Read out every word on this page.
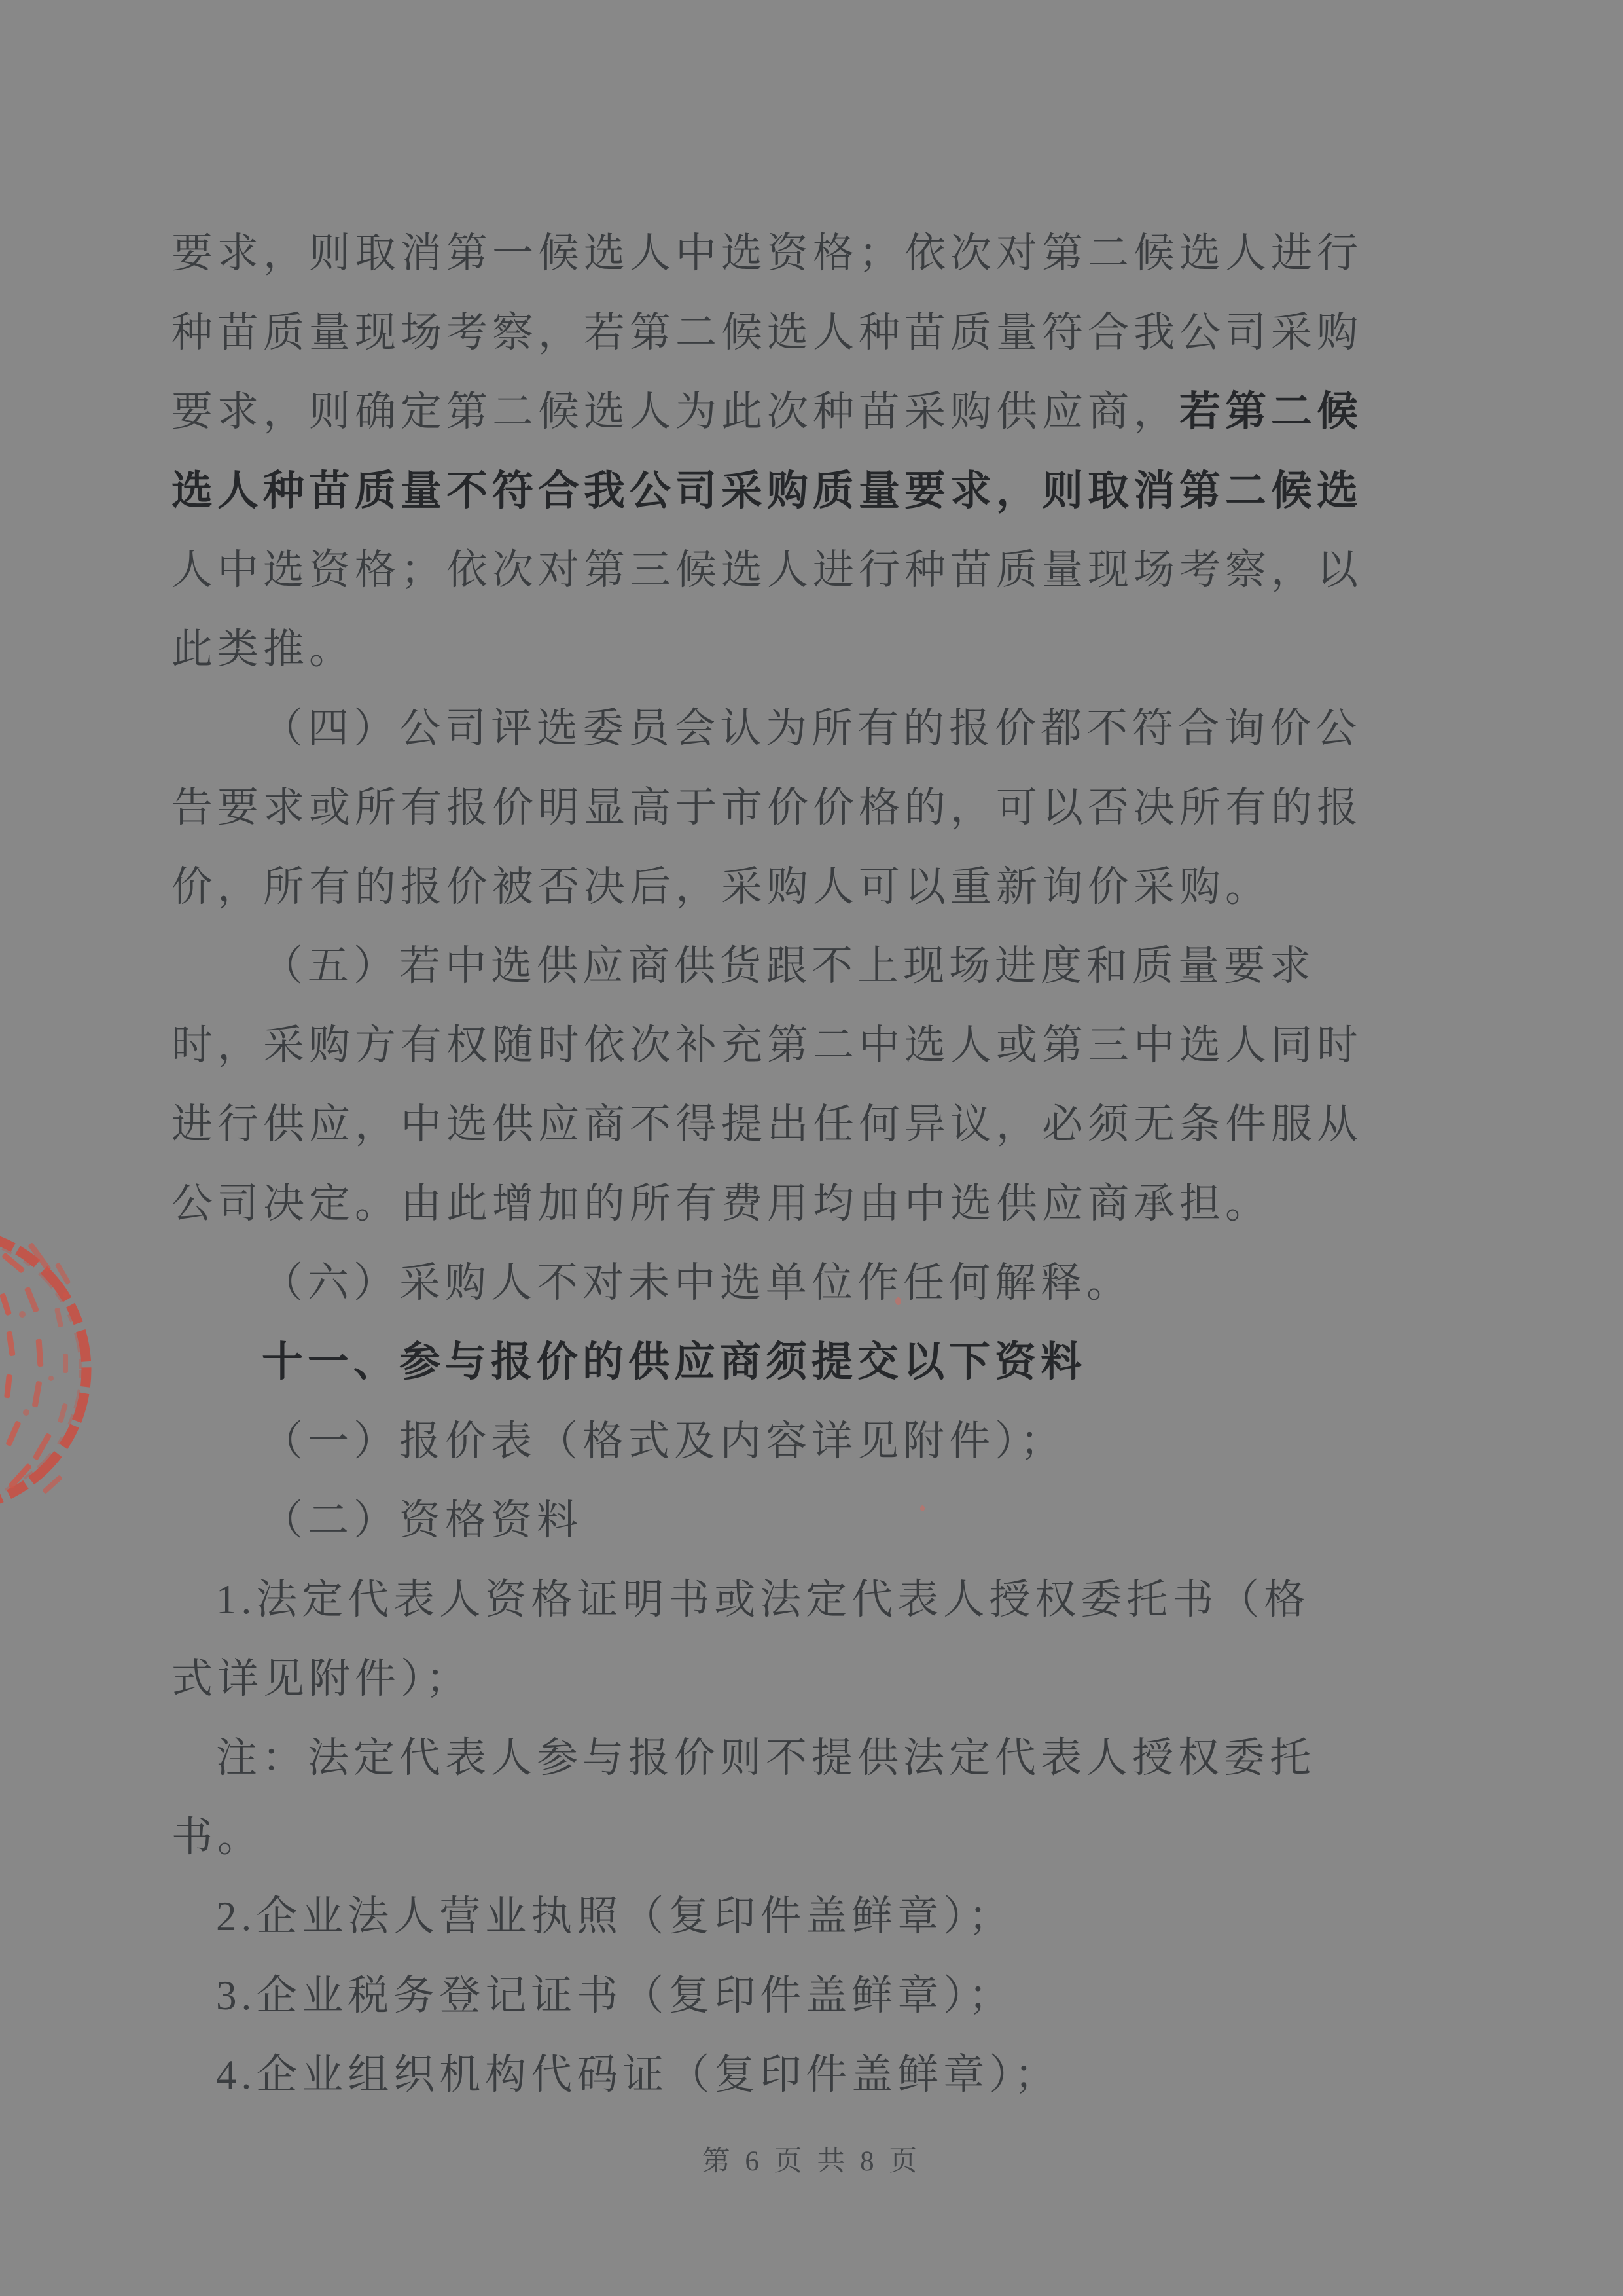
要求，则取消第一候选人中选资格；依次对第二候选人进行
种苗质量现场考察，若第二候选人种苗质量符合我公司采购
要求，则确定第二候选人为此次种苗采购供应商，若第二候
选人种苗质量不符合我公司采购质量要求，则取消第二候选
人中选资格；依次对第三候选人进行种苗质量现场考察，以
此类推。
（四）公司评选委员会认为所有的报价都不符合询价公
告要求或所有报价明显高于市价价格的，可以否决所有的报
价，所有的报价被否决后，采购人可以重新询价采购。
（五）若中选供应商供货跟不上现场进度和质量要求
时，采购方有权随时依次补充第二中选人或第三中选人同时
进行供应，中选供应商不得提出任何异议，必须无条件服从
公司决定。由此增加的所有费用均由中选供应商承担。
（六）采购人不对未中选单位作任何解释。
十一、参与报价的供应商须提交以下资料
（一）报价表（格式及内容详见附件）；
（二）资格资料
1.法定代表人资格证明书或法定代表人授权委托书（格
式详见附件）；
注：法定代表人参与报价则不提供法定代表人授权委托
书。
2.企业法人营业执照（复印件盖鲜章）；
3.企业税务登记证书（复印件盖鲜章）；
4.企业组织机构代码证（复印件盖鲜章）；
第 6 页 共 8 页
